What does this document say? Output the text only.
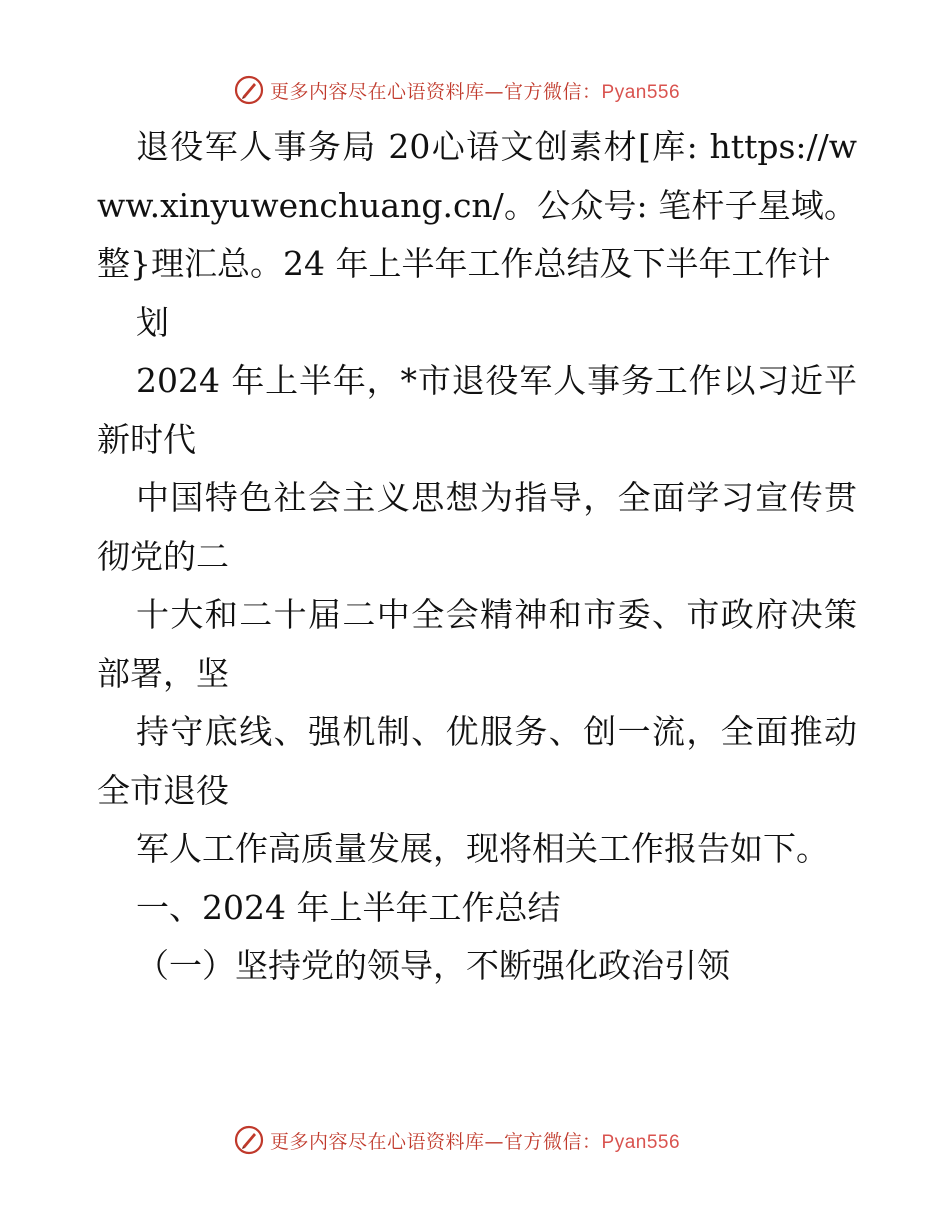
更多内容尽在心语资料库—官方微信：Pyan556

退役军人事务局 20心语文创素材[库: https://www.xinyuwenchuang.cn/。公众号: 笔杆子星域。整}理汇总。24 年上半年工作总结及下半年工作计

划

2024 年上半年，*市退役军人事务工作以习近平新时代

中国特色社会主义思想为指导，全面学习宣传贯彻党的二

十大和二十届二中全会精神和市委、市政府决策部署，坚

持守底线、强机制、优服务、创一流，全面推动全市退役

军人工作高质量发展，现将相关工作报告如下。

一、2024 年上半年工作总结

（一）坚持党的领导，不断强化政治引领

更多内容尽在心语资料库—官方微信：Pyan556
